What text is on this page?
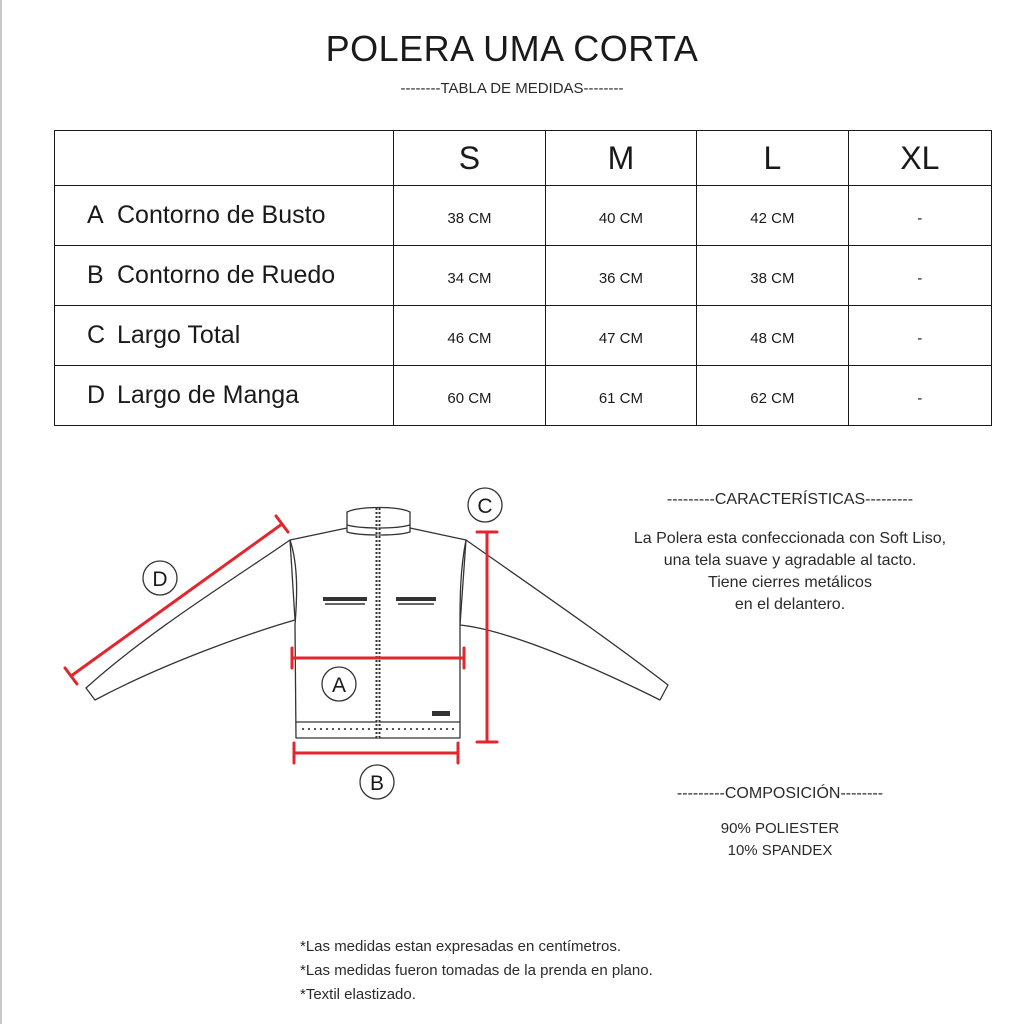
POLERA UMA CORTA
--------TABLA DE MEDIDAS--------
	S	M	L	XL
A Contorno de Busto	38 CM	40 CM	42 CM	-
B Contorno de Ruedo	34 CM	36 CM	38 CM	-
C Largo Total	46 CM	47 CM	48 CM	-
D Largo de Manga	60 CM	61 CM	62 CM	-
A
B
C
D
---------CARACTERÍSTICAS---------
La Polera esta confeccionada con Soft Liso,
una tela suave y agradable al tacto.
Tiene cierres metálicos
en el delantero.
---------COMPOSICIÓN--------
90% POLIESTER
10% SPANDEX
*Las medidas estan expresadas en centímetros.
*Las medidas fueron tomadas de la prenda en plano.
*Textil elastizado.
